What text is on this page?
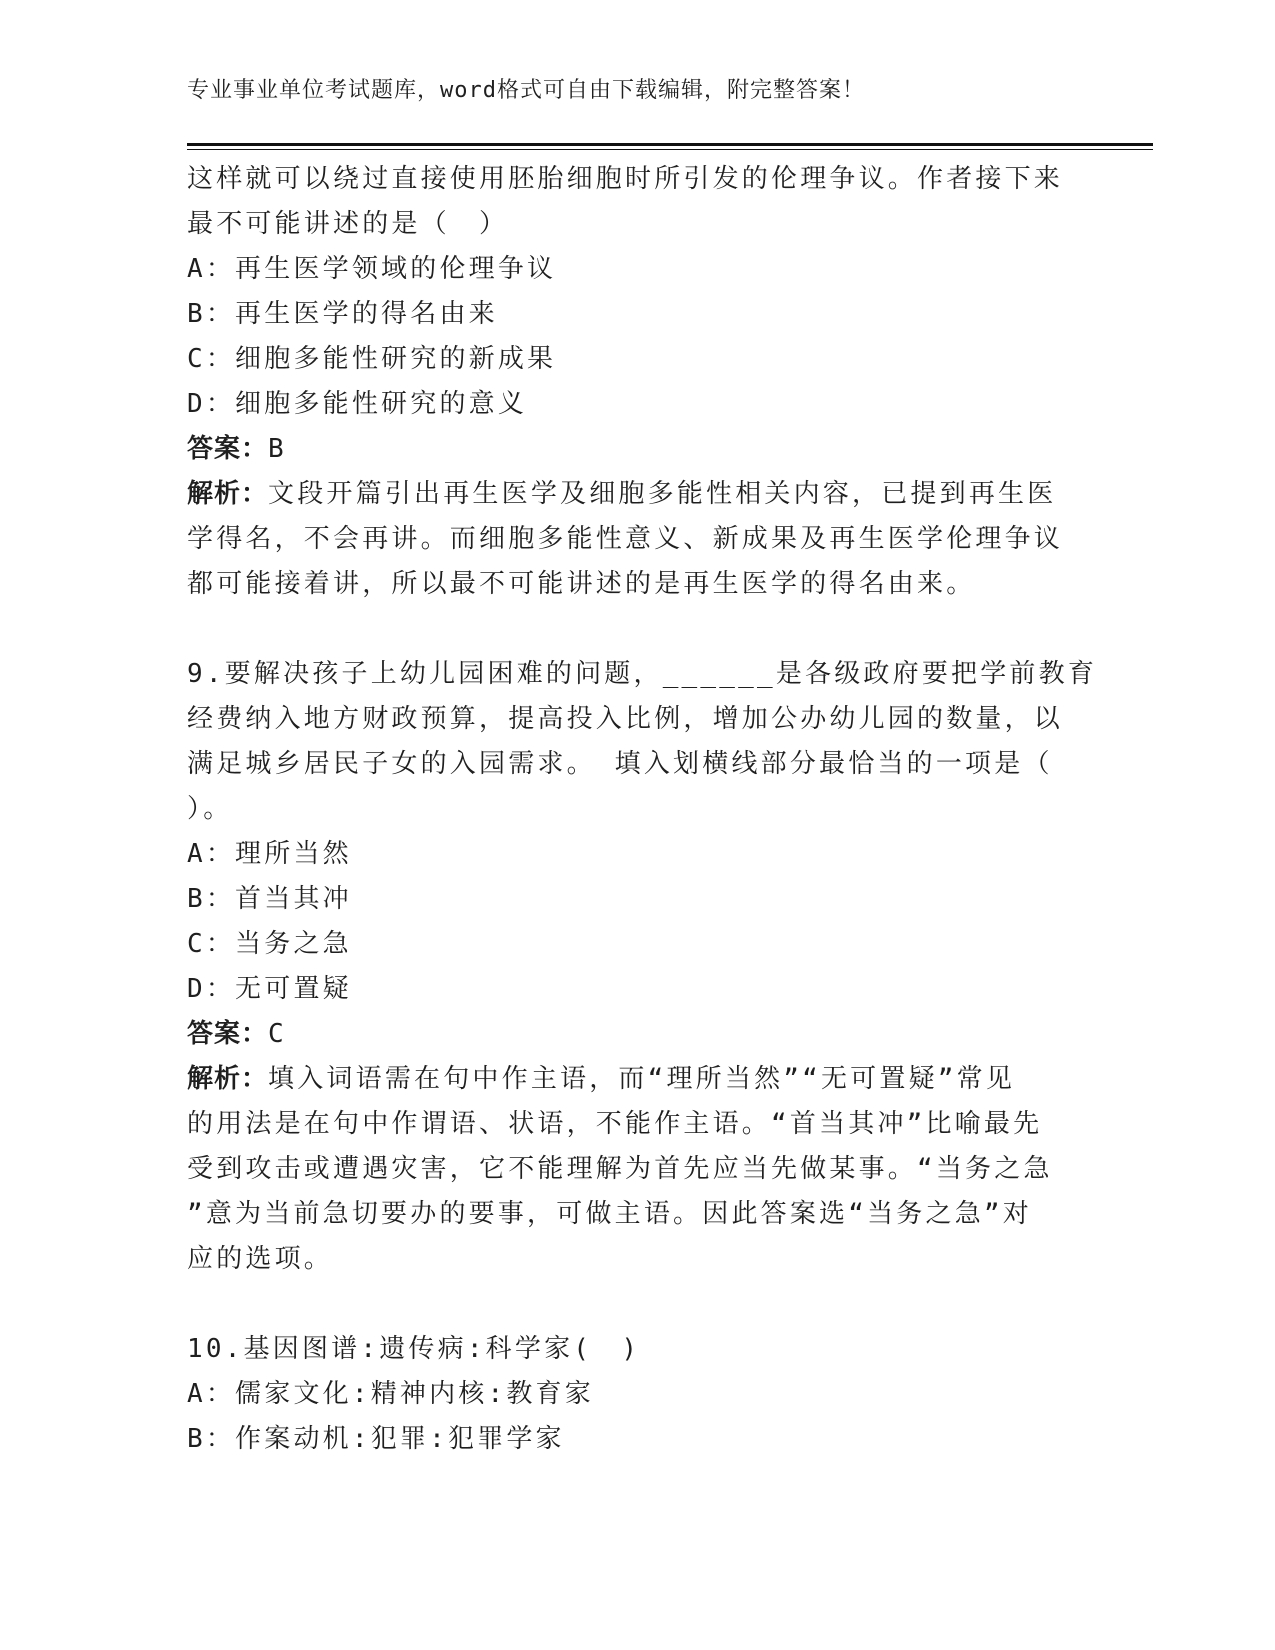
专业事业单位考试题库，word格式可自由下载编辑，附完整答案！
这样就可以绕过直接使用胚胎细胞时所引发的伦理争议。作者接下来
最不可能讲述的是（　）
A：再生医学领域的伦理争议
B：再生医学的得名由来
C：细胞多能性研究的新成果
D：细胞多能性研究的意义
答案：B
解析：文段开篇引出再生医学及细胞多能性相关内容，已提到再生医
学得名，不会再讲。而细胞多能性意义、新成果及再生医学伦理争议
都可能接着讲，所以最不可能讲述的是再生医学的得名由来。
9.要解决孩子上幼儿园困难的问题，______是各级政府要把学前教育
经费纳入地方财政预算，提高投入比例，增加公办幼儿园的数量，以
满足城乡居民子女的入园需求。 填入划横线部分最恰当的一项是（
）。
A：理所当然
B：首当其冲
C：当务之急
D：无可置疑
答案：C
解析：填入词语需在句中作主语，而“理所当然”“无可置疑”常见
的用法是在句中作谓语、状语，不能作主语。“首当其冲”比喻最先
受到攻击或遭遇灾害，它不能理解为首先应当先做某事。“当务之急
”意为当前急切要办的要事，可做主语。因此答案选“当务之急”对
应的选项。
10.基因图谱:遗传病:科学家(　)
A：儒家文化:精神内核:教育家
B：作案动机:犯罪:犯罪学家
